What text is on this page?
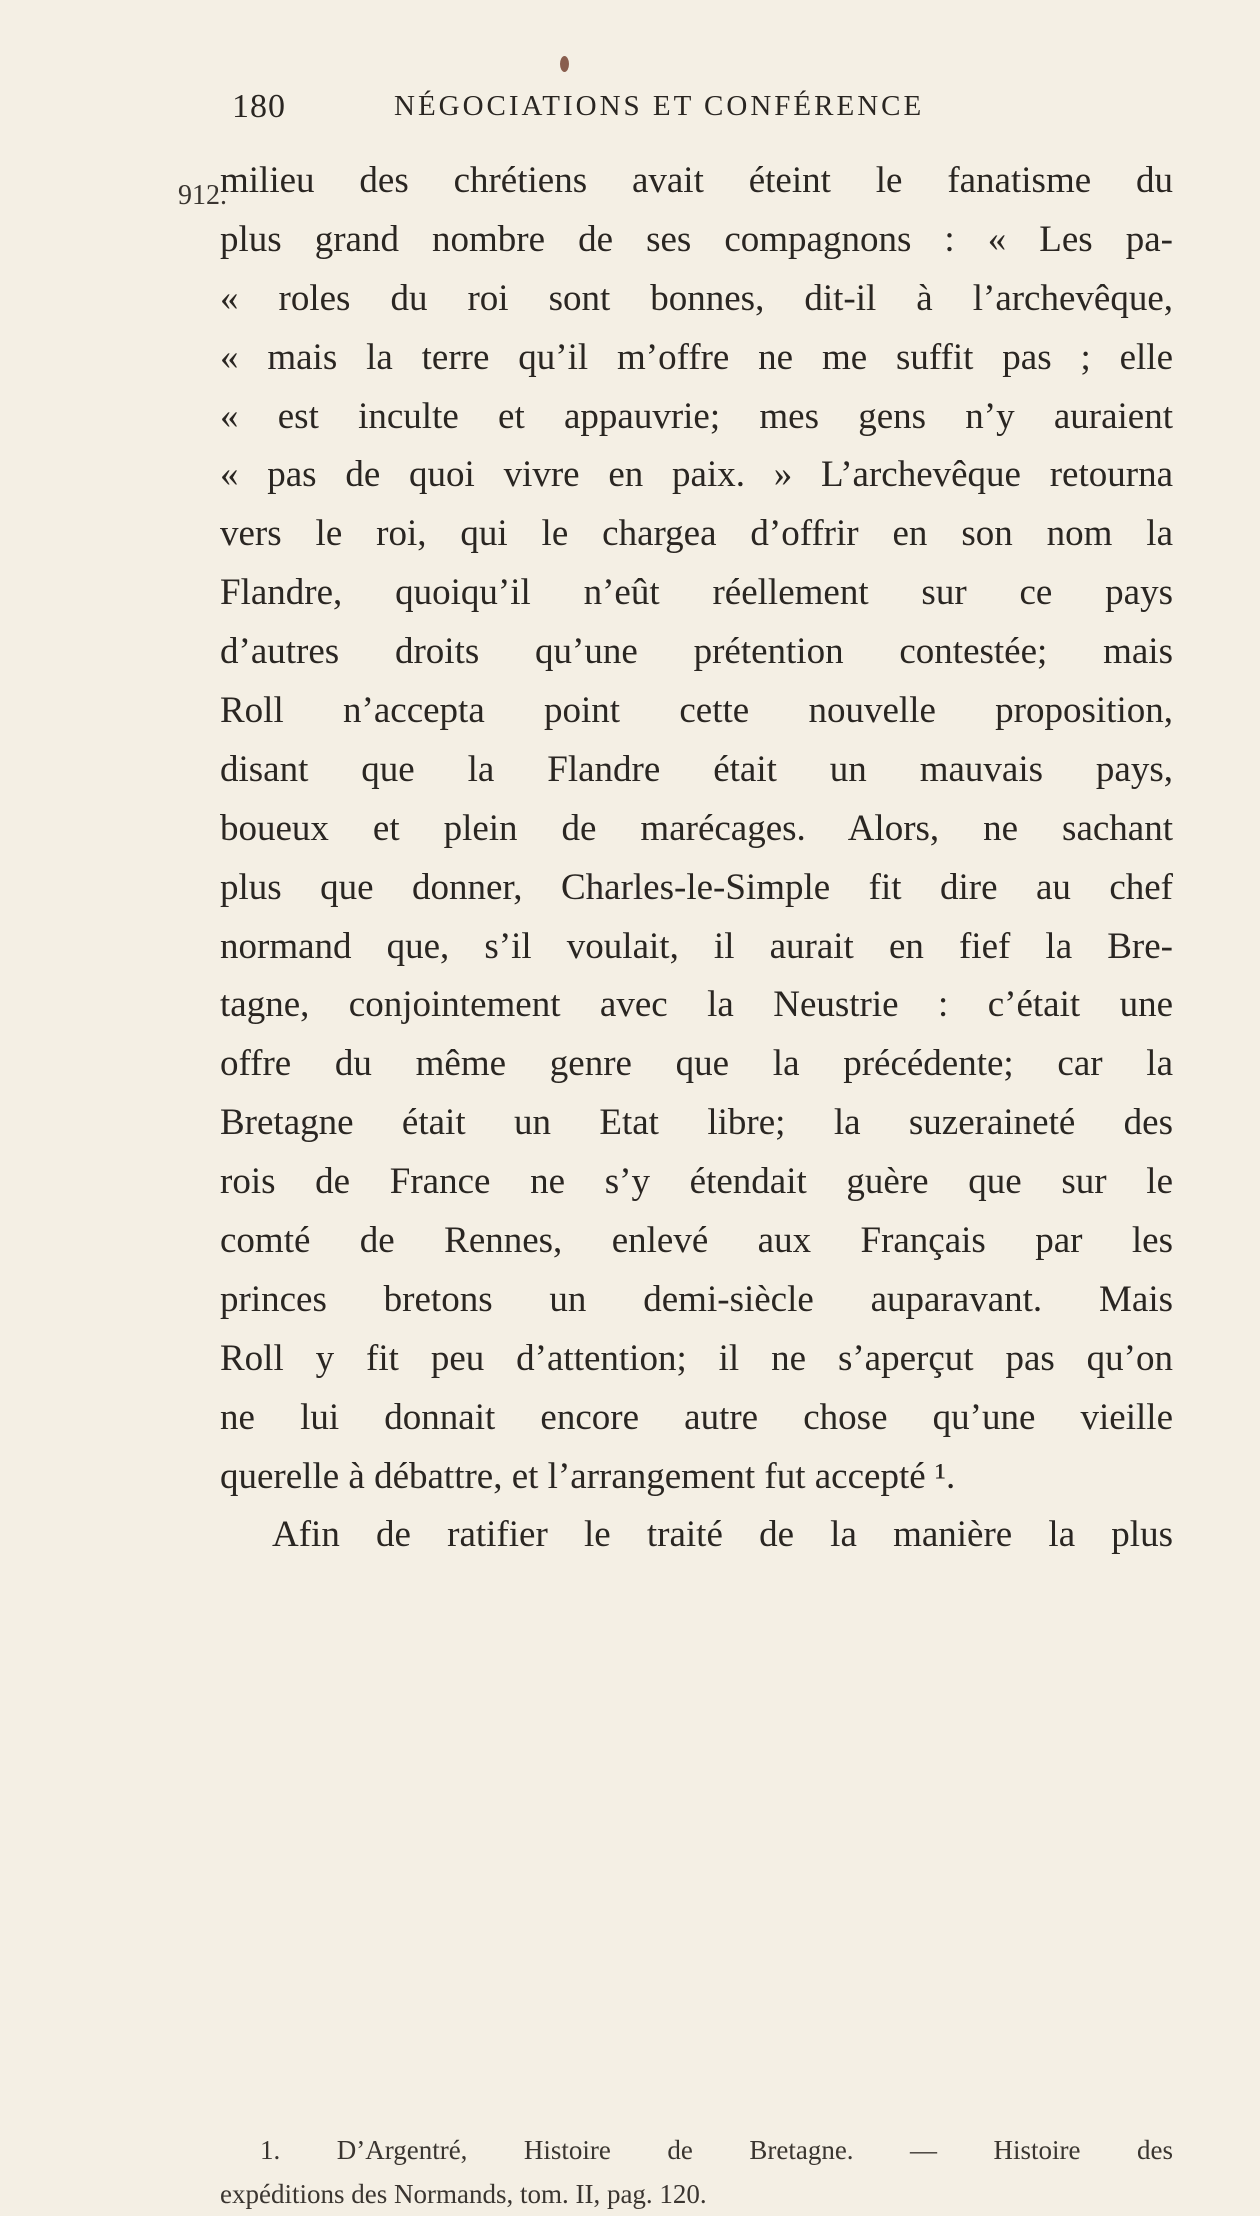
180	NÉGOCIATIONS ET CONFÉRENCE
912.
milieu des chrétiens avait éteint le fanatisme du
plus grand nombre de ses compagnons : « Les pa-
« roles du roi sont bonnes, dit-il à l’archevêque,
« mais la terre qu’il m’offre ne me suffit pas ; elle
« est inculte et appauvrie; mes gens n’y auraient
« pas de quoi vivre en paix. » L’archevêque retourna
vers le roi, qui le chargea d’offrir en son nom la
Flandre, quoiqu’il n’eût réellement sur ce pays
d’autres droits qu’une prétention contestée; mais
Roll n’accepta point cette nouvelle proposition,
disant que la Flandre était un mauvais pays,
boueux et plein de marécages. Alors, ne sachant
plus que donner, Charles-le-Simple fit dire au chef
normand que, s’il voulait, il aurait en fief la Bre-
tagne, conjointement avec la Neustrie : c’était une
offre du même genre que la précédente; car la
Bretagne était un Etat libre; la suzeraineté des
rois de France ne s’y étendait guère que sur le
comté de Rennes, enlevé aux Français par les
princes bretons un demi-siècle auparavant. Mais
Roll y fit peu d’attention; il ne s’aperçut pas qu’on
ne lui donnait encore autre chose qu’une vieille
querelle à débattre, et l’arrangement fut accepté ¹.
Afin de ratifier le traité de la manière la plus
1. D’Argentré, Histoire de Bretagne. — Histoire des
expéditions des Normands, tom. II, pag. 120.
